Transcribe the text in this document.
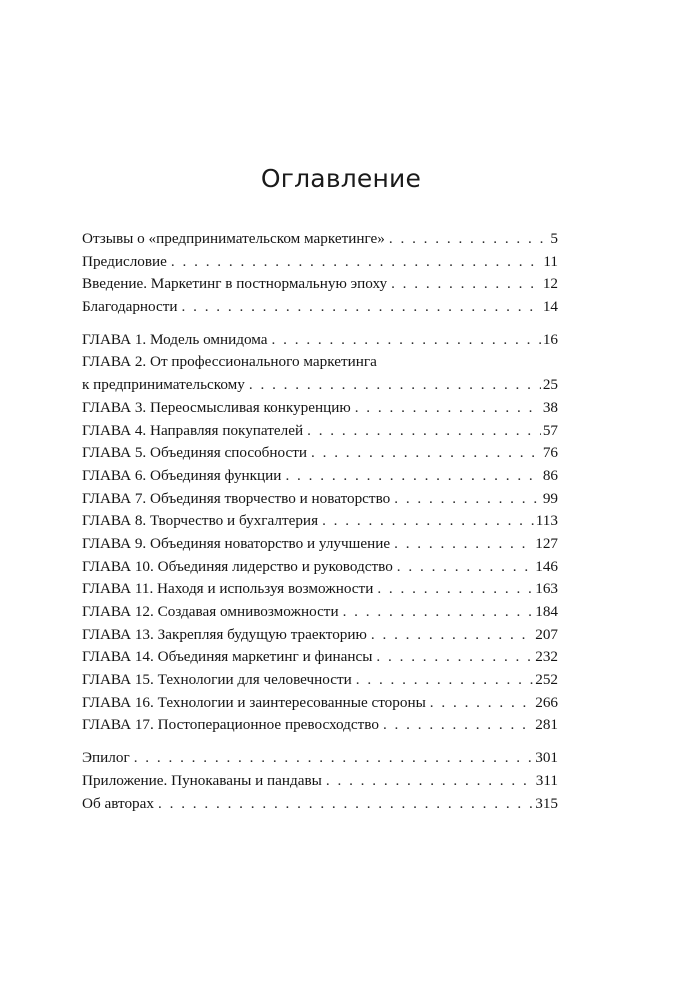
Оглавление
Отзывы о «предпринимательском маркетинге» . . .	5
Предисловие . . .	11
Введение. Маркетинг в постнормальную эпоху . . .	12
Благодарности . . .	14
ГЛАВА 1. Модель омнидома . . .	16
ГЛАВА 2. От профессионального маркетинга
к предпринимательскому . . .	25
ГЛАВА 3. Переосмысливая конкуренцию . . .	38
ГЛАВА 4. Направляя покупателей . . .	57
ГЛАВА 5. Объединяя способности . . .	76
ГЛАВА 6. Объединяя функции . . .	86
ГЛАВА 7. Объединяя творчество и новаторство . . .	99
ГЛАВА 8. Творчество и бухгалтерия . . .	113
ГЛАВА 9. Объединяя новаторство и улучшение . . .	127
ГЛАВА 10. Объединяя лидерство и руководство . . .	146
ГЛАВА 11. Находя и используя возможности . . .	163
ГЛАВА 12. Создавая омнивозможности . . .	184
ГЛАВА 13. Закрепляя будущую траекторию . . .	207
ГЛАВА 14. Объединяя маркетинг и финансы . . .	232
ГЛАВА 15. Технологии для человечности . . .	252
ГЛАВА 16. Технологии и заинтересованные стороны . . .	266
ГЛАВА 17. Постоперационное превосходство . . .	281
Эпилог . . .	301
Приложение. Пунокаваны и пандавы . . .	311
Об авторах . . .	315
